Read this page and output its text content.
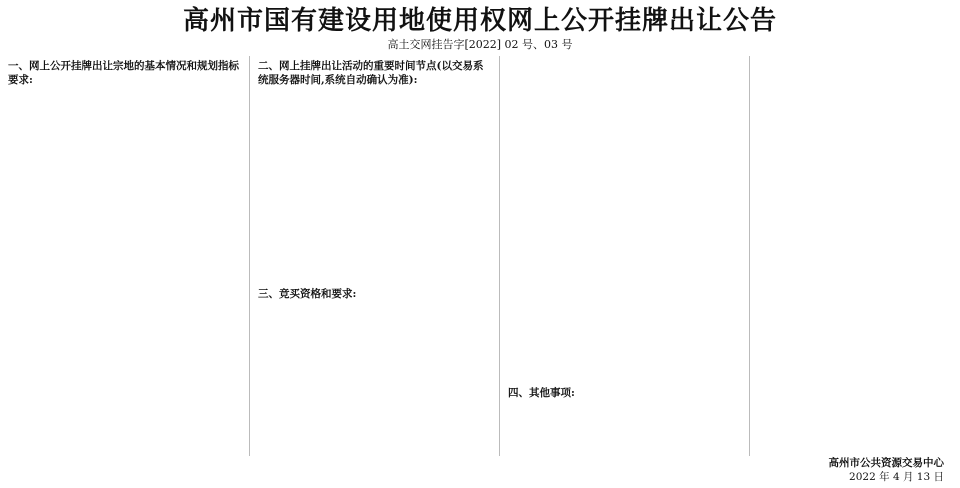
高州市国有建设用地使用权网上公开挂牌出让公告
高土交网挂告字[2022] 02 号、03 号
一、网上公开挂牌出让宗地的基本情况和规划指标要求:
二、网上挂牌出让活动的重要时间节点(以交易系统服务器时间,系统自动确认为准):
三、竞买资格和要求:
四、其他事项:
高州市公共资源交易中心
2022 年 4 月 13 日
